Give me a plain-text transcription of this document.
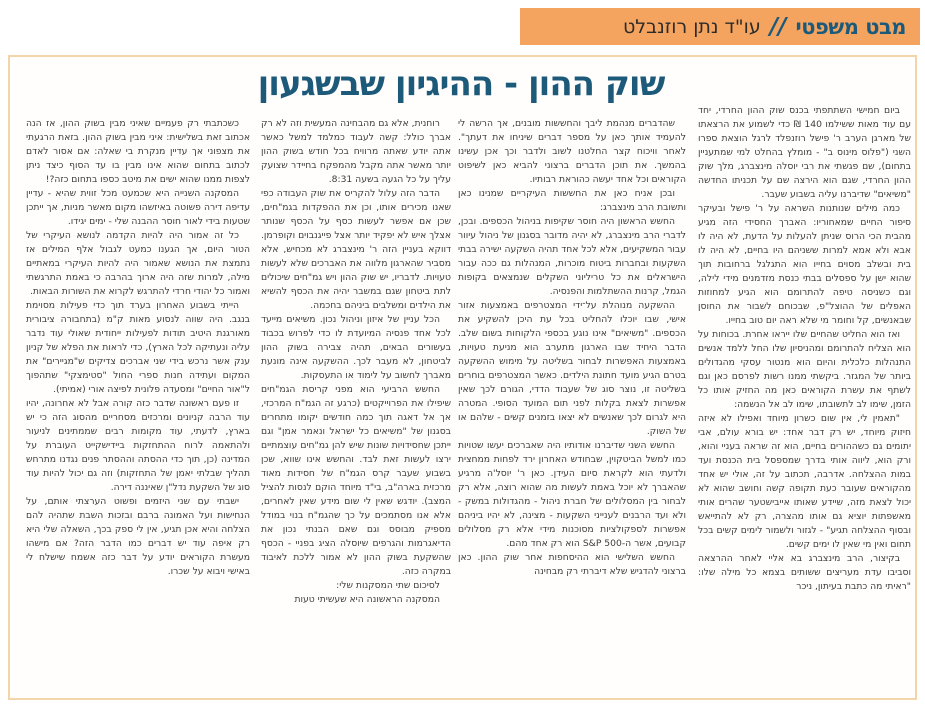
מבט משפטי
//
עו"ד נתן רוזנבלט
שוק ההון - ההיגיון שבשגעון

ביום חמישי השתתפתי בכנס שוק ההון החרדי, יחד עם עוד מאות ששילמו 140 ₪ כדי לשמוע את הרצאתו של מארגן הערב ר' פישל רוזנפלד לרגל הוצאת ספרו השני ("פלוס מינוס ב" - מומלץ בהחלט למי שמתעניין בתחום), שם פגשתי את רבי יוסלה מינצברג, מלך שוק ההון החרדי, שגם הוא הירצה שם על תכניתו החדשה "משיאים" שדיברנו עליה בשבוע שעבר.

כמה מילים שנותנות השראה על ר' פישל ובעיקר סיפור החיים שמאחוריו: האברך החסידי הזה מגיע מהבית הכי הרוס שניתן להעלות על הדעת, לא היה לו אבא ולא אמא למרות ששניהם היו בחיים, לא היה לו בית ובשלב מסוים בחייו הוא התגלגל ברחובות תוך שהוא ישן על ספסלים בבתי כנסת מזדמנים מידי לילה, וגם כשניסה טיפה להתרומם הוא הגיע למחוזות האפלים של ההוצל"פ, שבכוחם לשבור את החוסן שבאנשים, קל וחומר מי שלא ראה יום טוב בחייו.

ואז הוא החליט שהחיים שלו ייראו אחרת. בכוחות על הוא הצליח להתרומם ומהניסיון שלו החל ללמד אנשים התנהלות כלכלית והיום הוא מנטור עסקי מהגדולים ביותר של המגזר. ביקשתי ממנו רשות לפרסם כאן וגם לשתף את עשרת הקוראים כאן מה החזיק אותו כל הזמן, שימו לב לתשובתו, שימו לב אל הנשמה:

"תאמין לי, אין שום כשרון מיוחד ואפילו לא איזה חיזוק מיוחד, יש רק דבר אחד: יש בורא עולם, אבי יתומים גם כשההורים בחיים, הוא זה שראה בעניי והוא, ורק הוא, ליווה אותי בדרך שמספסל בית הכנסת ועד במות ההצלחה. אדרבה, תכתוב על זה, אולי יש אחד מהקוראים שעובר כעת תקופה קשה וחושב שהוא לא יכול לצאת מזה, שיידע שאותו אייבישטער שהרים אותי מאשפתות יוציא גם אותו מהצרה, רק לא להתייאש ובסוף ההצלחה תגיע" - לגזור ולשמור לימים קשים בכל תחום ואין מי שאין לו ימים קשים.

בקיצור, הרב מינצברג בא אליי לאחר ההרצאה וסביבו עדת מעריצים ששותים בצמא כל מילה שלו: "ראיתי מה כתבת בעיתון, ניכר

שהדברים מנהמת ליבך והחששות מובנים, אך הרשה לי להעמיד אותך כאן על מספר דברים שיניחו את דעתך". לאחר וויכוח קצר החלטנו לשוב ולדבר וכך אכן עשינו בהמשך. את תוכן הדברים ברצוני להביא כאן לשיפוט הקוראים וכל אחד יעשה כהוראת רבותיו.

ובכן אניח כאן את החששות העיקריים שמנינו כאן ותשובת הרב מינצברג:

החשש הראשון היה חוסר שקיפות בניהול הכספים. ובכן, לדברי הרב מינצברג, לא יהיה מדובר בסגנון של ניהול עיוור עבור המשקיעים, אלא לכל אחד תהיה השקעה ישירה בבתי השקעות ובחברות ביטוח מוכרות, המנהלות גם ככה עבור הישראלים את כל טריליוני השקלים שנמצאים בקופות הגמל, קרנות ההשתלמות והפנסיה.

ההשקעה מנוהלת על־ידי המצטרפים באמצעות אזור אישי, שבו יוכלו להחליט בכל עת היכן להשקיע את הכספים. "משיאים" אינו נוגע בכספי הלקוחות בשום שלב. הדבר היחיד שבו הארגון מתערב הוא מניעת טעויות, באמצעות האפשרות לבחור בשליטה על מימוש ההשקעה בטרם הגיע מועד חתונת הילדים. כאשר המצטרפים בוחרים בשליטה זו, נוצר סוג של שעבוד הדדי, הגורם לכך שאין אפשרות לצאת בקלות לפני תום המועד הסופי. המטרה היא לגרום לכך שאנשים לא יצאו בזמנים קשים - שלהם או של השוק.

החשש השני שדיברנו אודותיו היה שאברכים יעשו שטויות כמו למשל הביטקוין, שבחודש האחרון ירד לפחות ממחצית ולדעתי הוא לקראת סיום העידן. כאן ר' יוסל'ה מרגיע שהאברך לא יוכל באמת לעשות מה שהוא רוצה, אלא רק לבחור בין המסלולים של חברת ניהול - מהגדולות במשק - ולא ועד הרבנים לענייני השקעות - מצינה, לא יהיו ביניהם אפשרות לספקולציות מסוכנות מידי אלא רק מסלולים קבועים, אשר ה-S&P 500 הוא רק אחד מהם.

החשש השלישי הוא ההיסחפות אחר שוק ההון. כאן ברצוני להדגיש שלא דיברתי רק מבחינה

רוחנית, אלא גם מהבחינה המעשית וזה לא רק אברך כולל: קשה לעבוד כמלמד למשל כאשר אתה יודע שאתה מרוויח בכל חודש בשוק ההון יותר מאשר אתה מקבל מהמפקח בחיידר שצועק עליך על כל הגעה בשעה 8:31.

הדבר הזה עלול להקריס את שוק העבודה כפי שאנו מכירים אותו, וכן את ההפקדות בגמ"חים, שכן אם אפשר לעשות כסף על הכסף שנותר אצלך איש לא יפקיד יותר אצל פייגנבוים וקופרמן. דווקא בעניין הזה ר' מינצברג לא מכחיש, אלא מסביר שהארגון מלווה את האברכים שלא לעשות טעויות. לדבריו, יש שוק ההון ויש גמ"חים שיכולים לתת ביטחון שגם במשבר יהיה את הכסף להשיא את הילדים ומשלבים ביניהם בחכמה.

הכל עניין של איזון וניהול נכון. משיאים מייעד לכל אחד פנסיה המיועדת לו כדי לפרוש בכבוד בעשורים הבאים, תהיה צבירה בשוק ההון לביטחון, לא מעבר לכך. ההשקעה אינה מונעת מאברך לחשוב על לימוד או התעסקות.

החשש הרביעי הוא מפני קריסת הגמ"חים שיפילו את הפרוייקטים (כרגע זה הגמ"ח המרכזי, אך אל דאגה תוך כמה חודשים יקומו מתחרים בסגנון של "משיאים כל ישראל ונאמר אמן" וגם ייתכן שחסידויות שונות שיש להן גמ"חים עוצמתיים ירצו לעשות זאת לבד. והחשש אינו שווא, שכן בשבוע שעבר קרס הגמ"ח של חסידות מאוד מרכזית בארה"ב, בי"ד מיוחד הוקם לנסות להציל המצב). יודגש שאין לי שום מידע שאין לאחרים, אלא אנו מסתמכים על כך שהגמ"ח בנוי במודל מספיק מבוסס וגם שאם הבנתי נכון את הדיאגרמות והגרפים שיוסלה הציג בפניי - הכסף שהשקעת בשוק ההון לא אמור ללכת לאיבוד במקרה כזה.

לסיכום שתי המסקנות שלי:

המסקנה הראשונה היא שעשיתי טעות

כשכתבתי רק פעמיים שאיני מבין בשוק ההון, אז הנה אכתוב זאת בשלישית: איני מבין בשוק ההון. בזאת הרגעתי את מצפוני אך עדיין מנקרת בי שאלה: אם אסור לאדם לכתוב בתחום שהוא אינו מבין בו עד הסוף כיצד ניתן לצפות ממנו שהוא ישים את מיטב כספו בתחום כזה?!

המסקנה השנייה היא שכמעט מכל זווית שהיא - עדיין עדיפה דירה פשוטה באיזשהו מקום מאשר מניות, אך ייתכן שטעות בידי לאור חוסר ההבנה שלי - ימים יגידו.

כל זה אמור היה להיות הקדמה לנושא העיקרי של הטור היום, אך הגענו כמעט לגבול אלף המילים אז נתמצת את הנושא שאמור היה להיות העיקרי במאתיים מילה, למרות שזה היה ארוך בהרבה כי באמת התרגשתי ואמור כל יהודי חרדי להתרגש לקרוא את השורות הבאות.

הייתי בשבוע האחרון בערד תוך כדי פעילות מסוימת בנגב. היה שווה לנסוע מאות ק"מ (בתחבורה ציבורית מאורגנת היטיב תודות לפעילות ייחודית שאולי עוד נדבר עליה ונעתיקה לכל הארץ), כדי לראות את הפלא של קניון ענק אשר נרכש בידי שני אברכים צדיקים ש"מגיירים" את המקום ועתידה חנות ספרי החול "סטימצקי" שתהפוך ל"אור החיים" ומסעדה פלונית לפיצה אורי (אמיתי).

זו פעם ראשונה שדבר כזה קורה אבל לא אחרונה, יהיו עוד הרבה קניונים ומרכזים מסחריים מהסוג הזה כי יש בארץ, לדעתי, עוד מקומות רבים שממתינים לניעור ולהתאמה לרוח ההתחזקות ביידישקייט העוברת על המדינה (כן, תוך כדי ההסתה וההסתר פנים נגדנו מתרחש תהליך שבלתי יאמן של התחזקות) וזה גם יכול להיות עוד סוג של השקעת נדל"ן שאיננה דירה.

ישבתי עם שני היזמים ופשוט הערצתי אותם, על הנחישות ועל האמונה ברבם ובזכות השבת שתהיה להם הצלחה והיא אכן תגיע, אין לי ספק בכך, השאלה שלי היא רק איפה עוד יש דברים כמו הדבר הזה? אם מישהו מעשרת הקוראים יודע על דבר כזה אשמח שישלח לי באישי ויבוא על שכרו.
